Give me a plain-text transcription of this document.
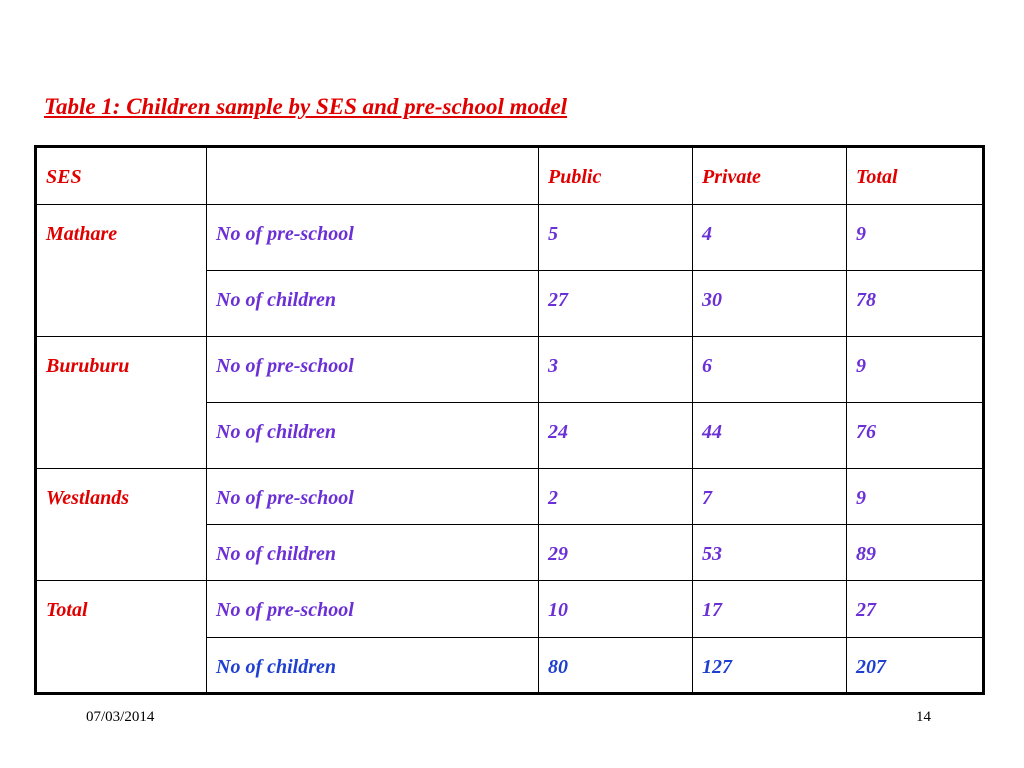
Table 1: Children sample by SES and pre-school model
SES		Public	Private	Total
Mathare	No of pre-school	5	4	9
	No of children	27	30	78
Buruburu	No of pre-school	3	6	9
	No of children	24	44	76
Westlands	No of pre-school	2	7	9
	No of children	29	53	89
Total	No of pre-school	10	17	27
	No of children	80	127	207
07/03/2014	14
